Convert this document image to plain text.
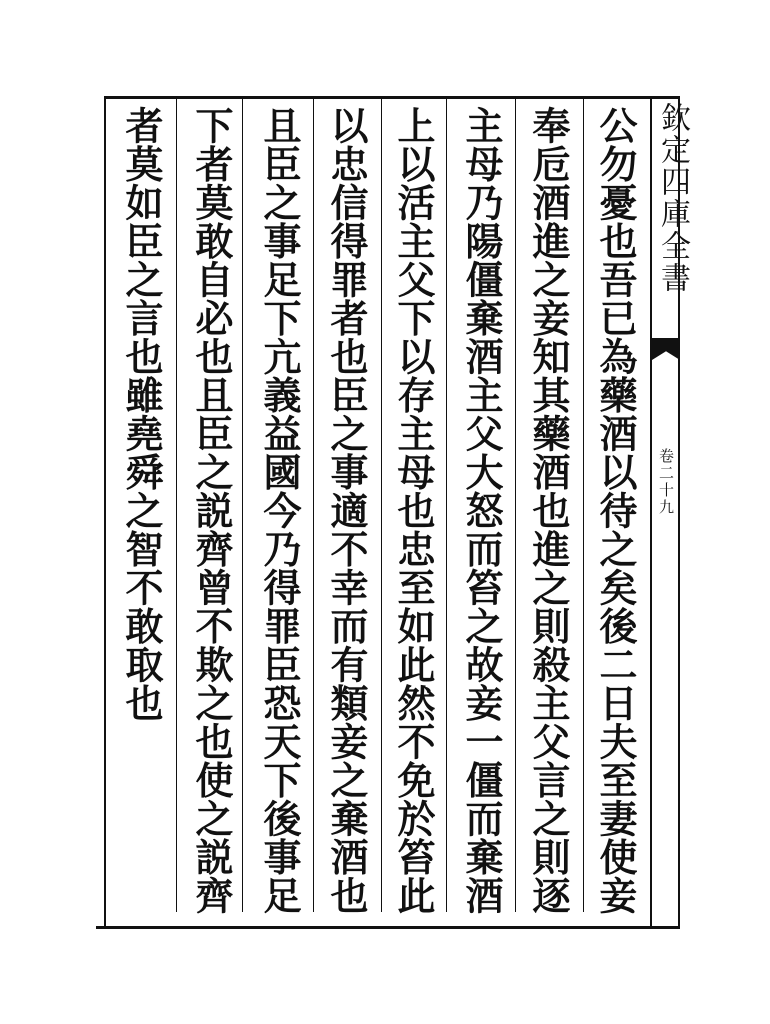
欽定四庫全書
卷二十九
公勿憂也吾已為藥酒以待之矣後二日夫至妻使妾
奉卮酒進之妾知其藥酒也進之則殺主父言之則逐
主母乃陽僵棄酒主父大怒而笞之故妾一僵而棄酒
上以活主父下以存主母也忠至如此然不免於笞此
以忠信得罪者也臣之事適不幸而有類妾之棄酒也
且臣之事足下亢義益國今乃得罪臣恐天下後事足
下者莫敢自必也且臣之説齊曾不欺之也使之説齊
者莫如臣之言也雖堯舜之智不敢取也
